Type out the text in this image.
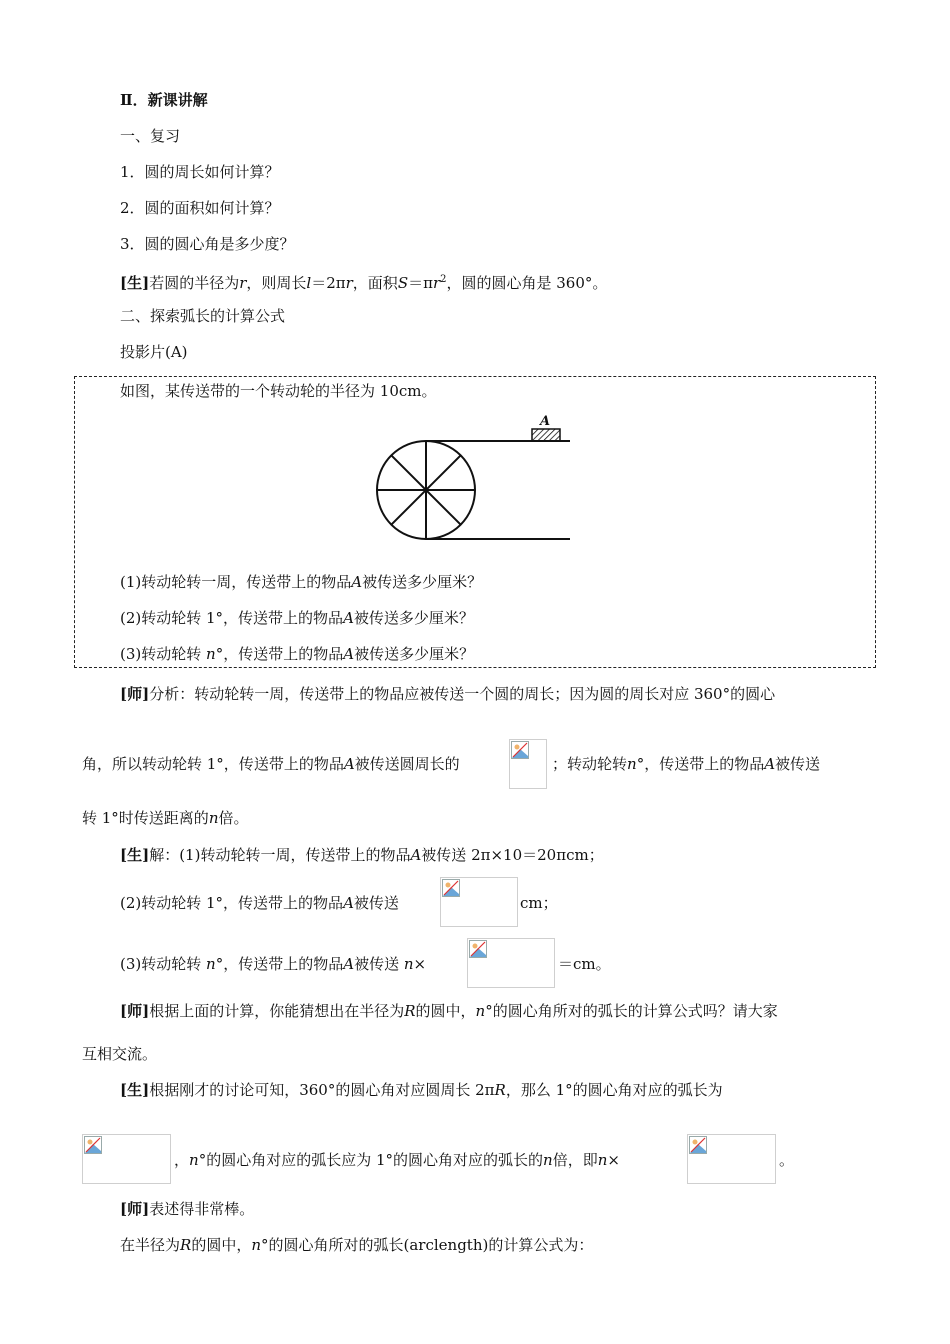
Ⅱ．新课讲解
一、复习
1．圆的周长如何计算？
2．圆的面积如何计算？
3．圆的圆心角是多少度？
[生]若圆的半径为r，则周长l＝2πr，面积$S=\pi r^2$，圆的圆心角是 360°。
二、探索弧长的计算公式
投影片(A)
如图，某传送带的一个转动轮的半径为 10cm。
A
(1)转动轮转一周，传送带上的物品A被传送多少厘米？
(2)转动轮转 1°，传送带上的物品A被传送多少厘米？
(3)转动轮转 n°，传送带上的物品A被传送多少厘米？
[师]分析：转动轮转一周，传送带上的物品应被传送一个圆的周长；因为圆的周长对应 360°的圆心
角，所以转动轮转 1°，传送带上的物品A被传送圆周长的	；转动轮转n°，传送带上的物品A被传送
转 1°时传送距离的n倍。
[生]解：(1)转动轮转一周，传送带上的物品A被传送 2π×10＝20πcm；
(2)转动轮转 1°，传送带上的物品A被传送	cm；
(3)转动轮转 n°，传送带上的物品A被传送 n×	＝cm。
[师]根据上面的计算，你能猜想出在半径为R的圆中，n°的圆心角所对的弧长的计算公式吗？请大家
互相交流。
[生]根据刚才的讨论可知，360°的圆心角对应圆周长 2πR，那么 1°的圆心角对应的弧长为
，n°的圆心角对应的弧长应为 1°的圆心角对应的弧长的n倍，即n×	。
[师]表述得非常棒。
在半径为R的圆中，n°的圆心角所对的弧长(arclength)的计算公式为：
